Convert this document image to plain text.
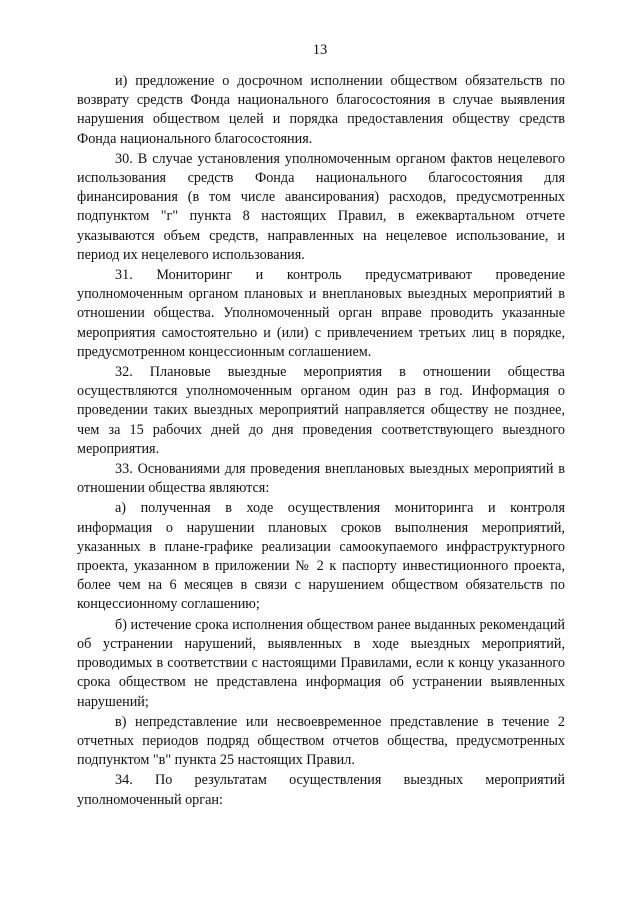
13

и) предложение о досрочном исполнении обществом обязательств по возврату средств Фонда национального благосостояния в случае выявления нарушения обществом целей и порядка предоставления обществу средств Фонда национального благосостояния.

30. В случае установления уполномоченным органом фактов нецелевого использования средств Фонда национального благосостояния для финансирования (в том числе авансирования) расходов, предусмотренных подпунктом "г" пункта 8 настоящих Правил, в ежеквартальном отчете указываются объем средств, направленных на нецелевое использование, и период их нецелевого использования.

31. Мониторинг и контроль предусматривают проведение уполномоченным органом плановых и внеплановых выездных мероприятий в отношении общества. Уполномоченный орган вправе проводить указанные мероприятия самостоятельно и (или) с привлечением третьих лиц в порядке, предусмотренном концессионным соглашением.

32. Плановые выездные мероприятия в отношении общества осуществляются уполномоченным органом один раз в год. Информация о проведении таких выездных мероприятий направляется обществу не позднее, чем за 15 рабочих дней до дня проведения соответствующего выездного мероприятия.

33. Основаниями для проведения внеплановых выездных мероприятий в отношении общества являются:

а) полученная в ходе осуществления мониторинга и контроля информация о нарушении плановых сроков выполнения мероприятий, указанных в плане-графике реализации самоокупаемого инфраструктурного проекта, указанном в приложении № 2 к паспорту инвестиционного проекта, более чем на 6 месяцев в связи с нарушением обществом обязательств по концессионному соглашению;

б) истечение срока исполнения обществом ранее выданных рекомендаций об устранении нарушений, выявленных в ходе выездных мероприятий, проводимых в соответствии с настоящими Правилами, если к концу указанного срока обществом не представлена информация об устранении выявленных нарушений;

в) непредставление или несвоевременное представление в течение 2 отчетных периодов подряд обществом отчетов общества, предусмотренных подпунктом "в" пункта 25 настоящих Правил.

34. По результатам осуществления выездных мероприятий уполномоченный орган:
